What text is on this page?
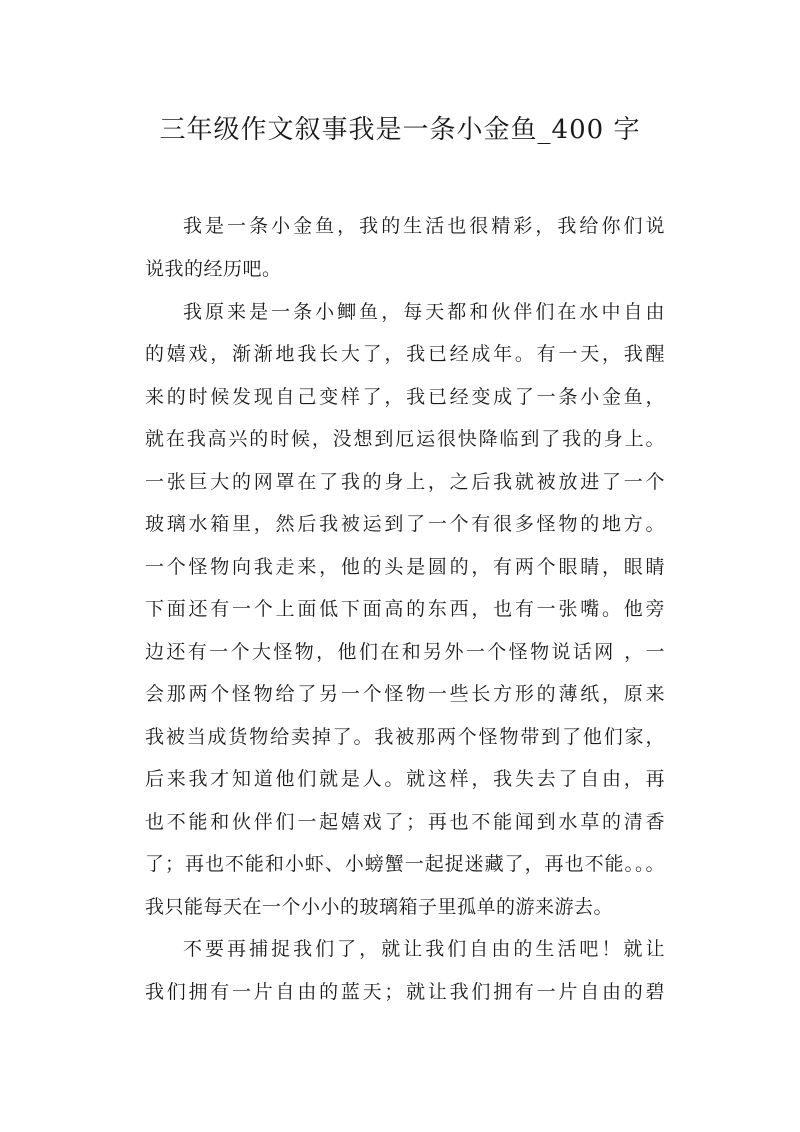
三年级作文叙事我是一条小金鱼_400 字
我是一条小金鱼，我的生活也很精彩，我给你们说
说我的经历吧。
我原来是一条小鲫鱼，每天都和伙伴们在水中自由
的嬉戏，渐渐地我长大了，我已经成年。有一天，我醒
来的时候发现自己变样了，我已经变成了一条小金鱼，
就在我高兴的时候，没想到厄运很快降临到了我的身上。
一张巨大的网罩在了我的身上，之后我就被放进了一个
玻璃水箱里，然后我被运到了一个有很多怪物的地方。
一个怪物向我走来，他的头是圆的，有两个眼睛，眼睛
下面还有一个上面低下面高的东西，也有一张嘴。他旁
边还有一个大怪物，他们在和另外一个怪物说话网 ，一
会那两个怪物给了另一个怪物一些长方形的薄纸，原来
我被当成货物给卖掉了。我被那两个怪物带到了他们家，
后来我才知道他们就是人。就这样，我失去了自由，再
也不能和伙伴们一起嬉戏了；再也不能闻到水草的清香
了；再也不能和小虾、小螃蟹一起捉迷藏了，再也不能。。。
我只能每天在一个小小的玻璃箱子里孤单的游来游去。
不要再捕捉我们了，就让我们自由的生活吧！就让
我们拥有一片自由的蓝天；就让我们拥有一片自由的碧
